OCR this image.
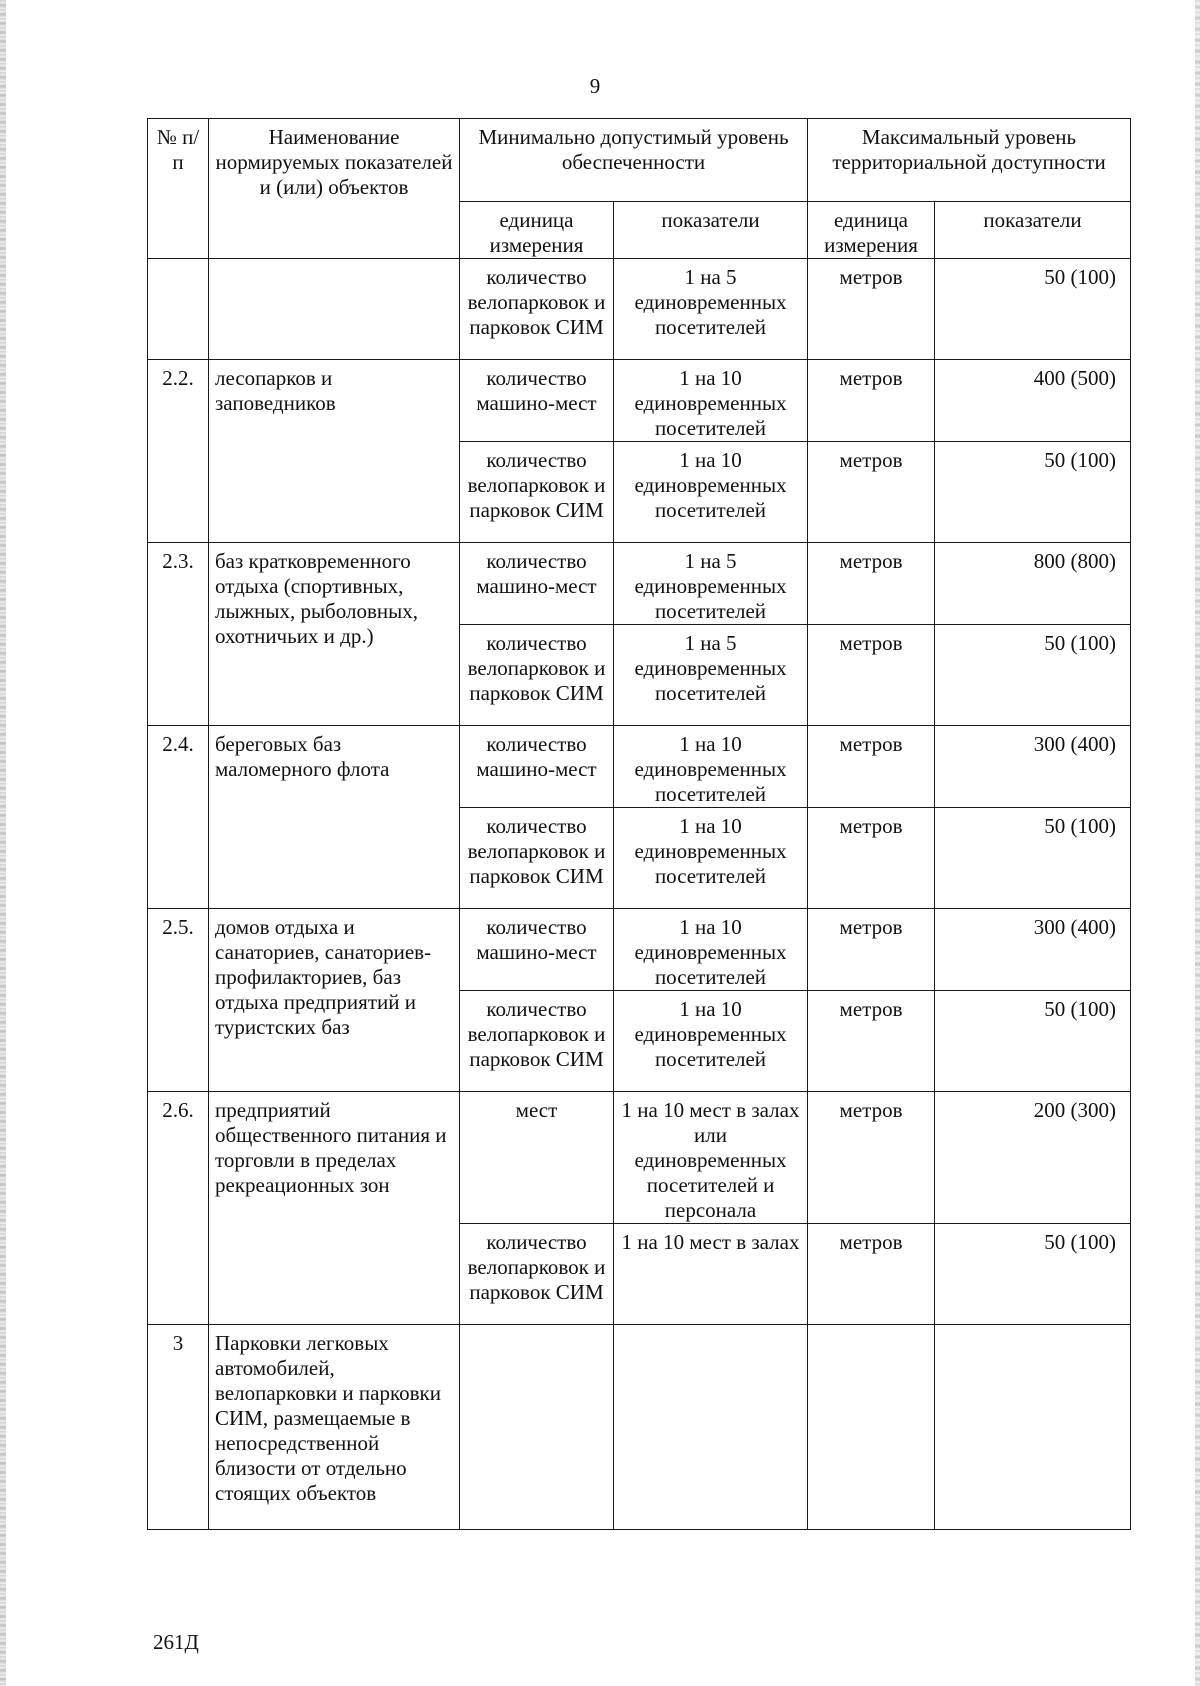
9
№ п/п	Наименование нормируемых показателей и (или) объектов	Минимально допустимый уровень обеспеченности		Максимальный уровень территориальной доступности	
		единица измерения	показатели	единица измерения	показатели
		количество велопарковок и парковок СИМ	1 на 5 единовременных посетителей	метров	50 (100)
2.2.	лесопарков и заповедников	количество машино-мест	1 на 10 единовременных посетителей	метров	400 (500)
		количество велопарковок и парковок СИМ	1 на 10 единовременных посетителей	метров	50 (100)
2.3.	баз кратковременного отдыха (спортивных, лыжных, рыболовных, охотничьих и др.)	количество машино-мест	1 на 5 единовременных посетителей	метров	800 (800)
		количество велопарковок и парковок СИМ	1 на 5 единовременных посетителей	метров	50 (100)
2.4.	береговых баз маломерного флота	количество машино-мест	1 на 10 единовременных посетителей	метров	300 (400)
		количество велопарковок и парковок СИМ	1 на 10 единовременных посетителей	метров	50 (100)
2.5.	домов отдыха и санаториев, санаториев-профилакториев, баз отдыха предприятий и туристских баз	количество машино-мест	1 на 10 единовременных посетителей	метров	300 (400)
		количество велопарковок и парковок СИМ	1 на 10 единовременных посетителей	метров	50 (100)
2.6.	предприятий общественного питания и торговли в пределах рекреационных зон	мест	1 на 10 мест в залах или единовременных посетителей и персонала	метров	200 (300)
		количество велопарковок и парковок СИМ	1 на 10 мест в залах	метров	50 (100)
3	Парковки легковых автомобилей, велопарковки и парковки СИМ, размещаемые в непосредственной близости от отдельно стоящих объектов				
261Д
